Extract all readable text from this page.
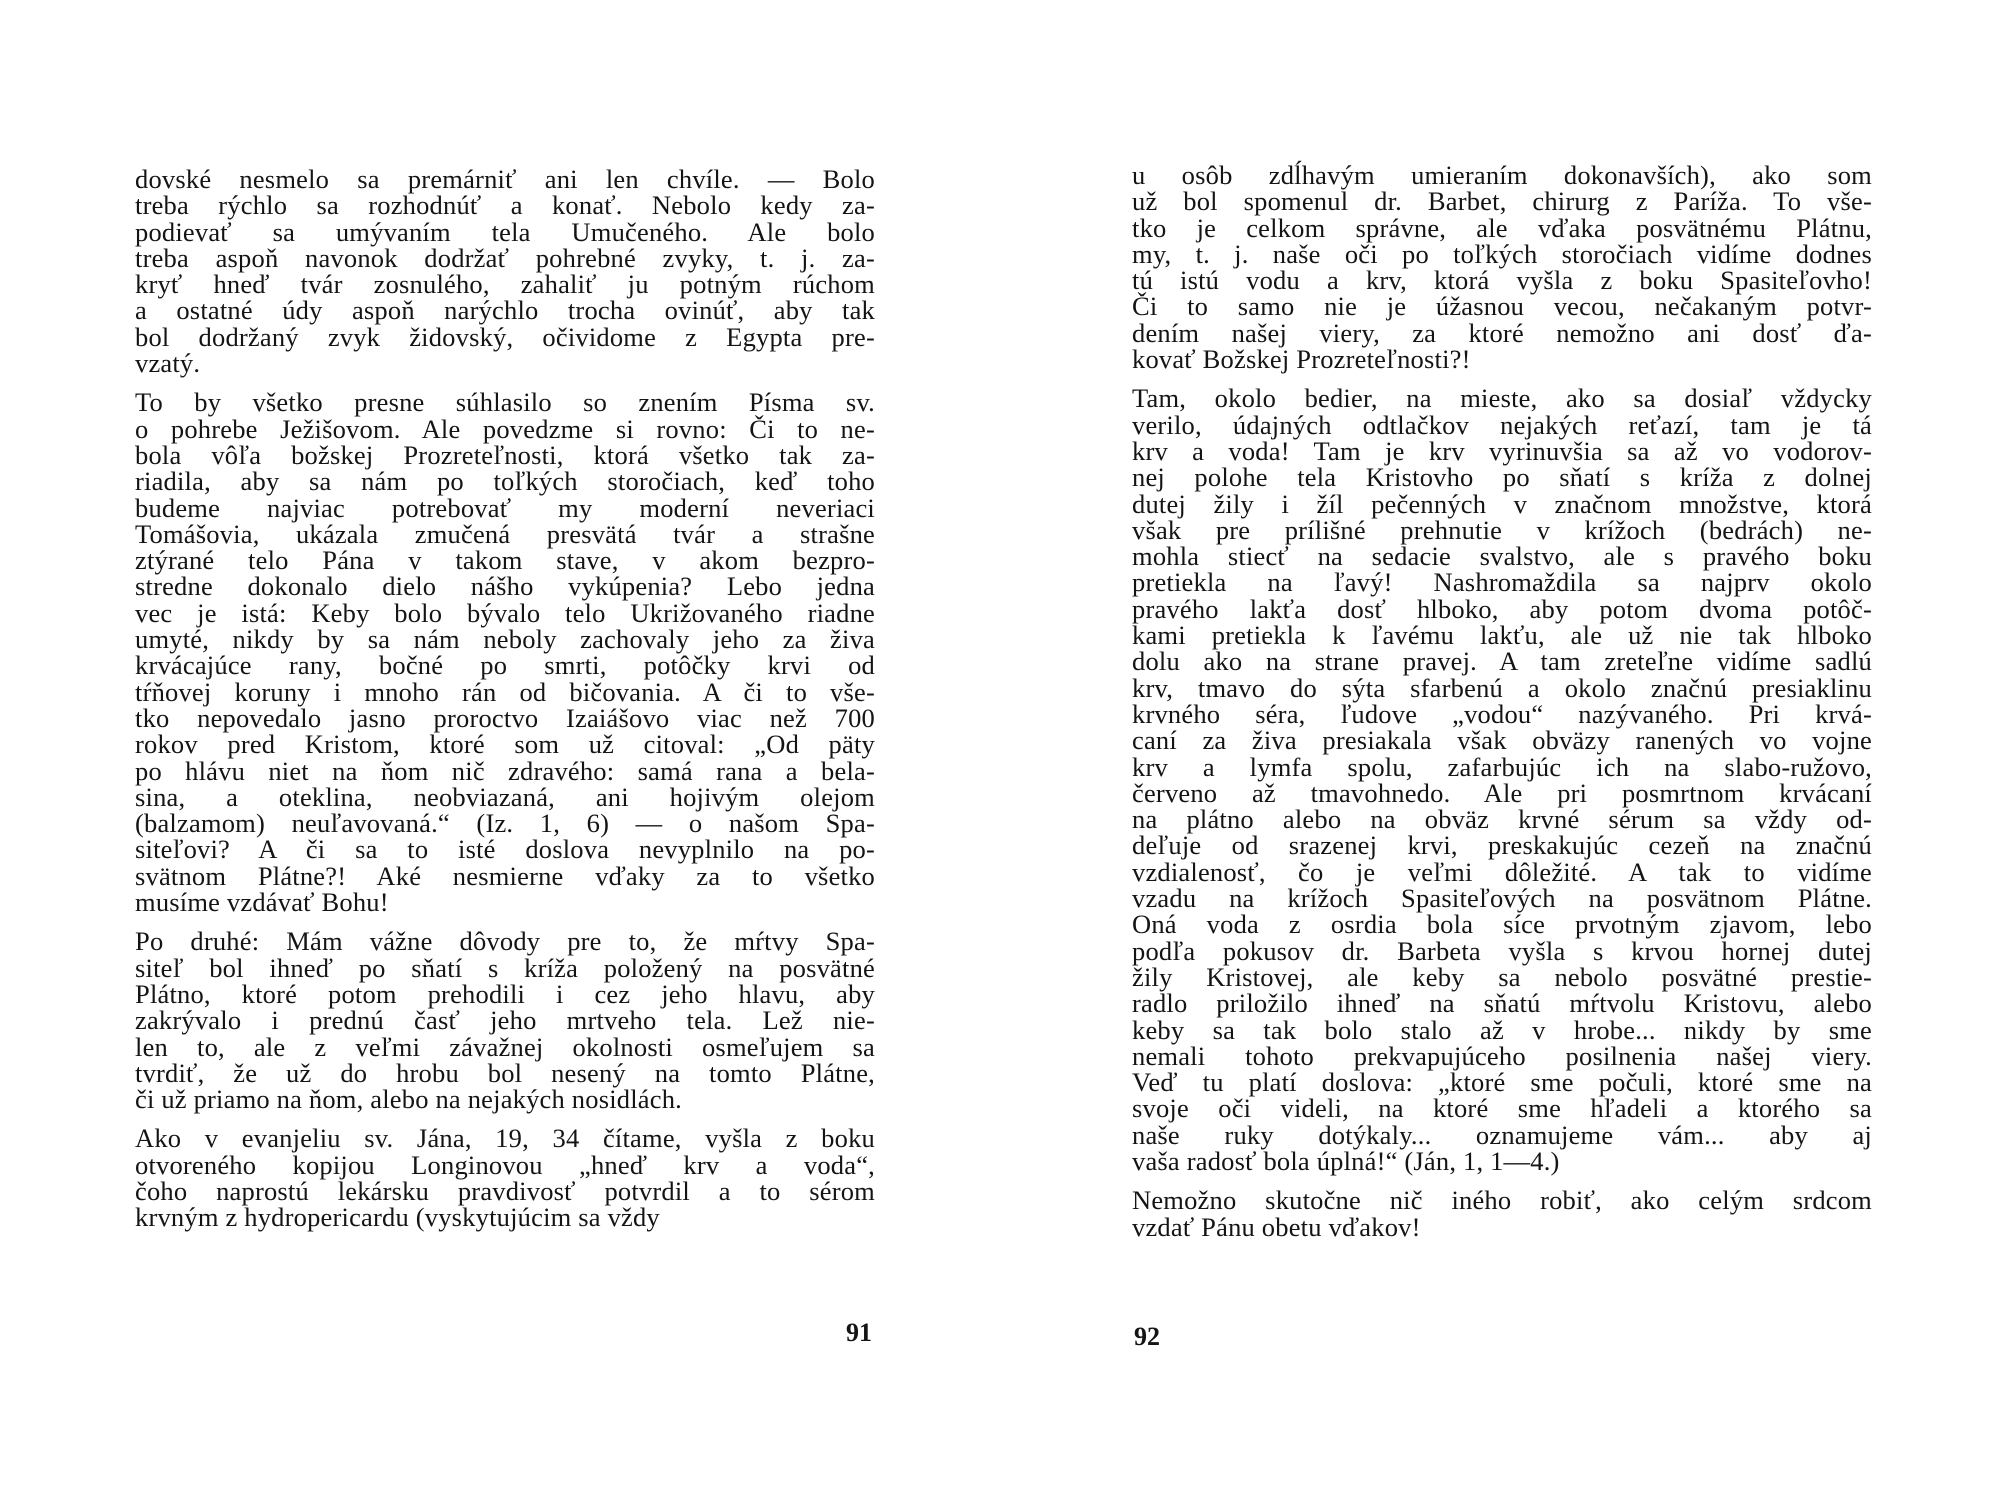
dovské nesmelo sa premárniť ani len chvíle. — Bolo
treba rýchlo sa rozhodnúť a konať. Nebolo kedy za-
podievať sa umývaním tela Umučeného. Ale bolo
treba aspoň navonok dodržať pohrebné zvyky, t. j. za-
kryť hneď tvár zosnulého, zahaliť ju potným rúchom
a ostatné údy aspoň narýchlo trocha ovinúť, aby tak
bol dodržaný zvyk židovský, očividome z Egypta pre-
vzatý.
To by všetko presne súhlasilo so znením Písma sv.
o pohrebe Ježišovom. Ale povedzme si rovno: Či to ne-
bola vôľa božskej Prozreteľnosti, ktorá všetko tak za-
riadila, aby sa nám po toľkých storočiach, keď toho
budeme najviac potrebovať my moderní neveriaci
Tomášovia, ukázala zmučená presvätá tvár a strašne
ztýrané telo Pána v takom stave, v akom bezpro-
stredne dokonalo dielo nášho vykúpenia? Lebo jedna
vec je istá: Keby bolo bývalo telo Ukrižovaného riadne
umyté, nikdy by sa nám neboly zachovaly jeho za živa
krvácajúce rany, bočné po smrti, potôčky krvi od
tŕňovej koruny i mnoho rán od bičovania. A či to vše-
tko nepovedalo jasno proroctvo Izaiášovo viac než 700
rokov pred Kristom, ktoré som už citoval: „Od päty
po hlávu niet na ňom nič zdravého: samá rana a bela-
sina, a oteklina, neobviazaná, ani hojivým olejom
(balzamom) neuľavovaná.“ (Iz. 1, 6) — o našom Spa-
siteľovi? A či sa to isté doslova nevyplnilo na po-
svätnom Plátne?! Aké nesmierne vďaky za to všetko
musíme vzdávať Bohu!
Po druhé: Mám vážne dôvody pre to, že mŕtvy Spa-
siteľ bol ihneď po sňatí s kríža položený na posvätné
Plátno, ktoré potom prehodili i cez jeho hlavu, aby
zakrývalo i prednú časť jeho mrtveho tela. Lež nie-
len to, ale z veľmi závažnej okolnosti osmeľujem sa
tvrdiť, že už do hrobu bol nesený na tomto Plátne,
či už priamo na ňom, alebo na nejakých nosidlách.
Ako v evanjeliu sv. Jána, 19, 34 čítame, vyšla z boku
otvoreného kopijou Longinovou „hneď krv a voda“,
čoho naprostú lekársku pravdivosť potvrdil a to sérom
krvným z hydropericardu (vyskytujúcim sa vždy
91
u osôb zdĺhavým umieraním dokonavších), ako som
už bol spomenul dr. Barbet, chirurg z Paríža. To vše-
tko je celkom správne, ale vďaka posvätnému Plátnu,
my, t. j. naše oči po toľkých storočiach vidíme dodnes
tú istú vodu a krv, ktorá vyšla z boku Spasiteľovho!
Či to samo nie je úžasnou vecou, nečakaným potvr-
dením našej viery, za ktoré nemožno ani dosť ďa-
kovať Božskej Prozreteľnosti?!
Tam, okolo bedier, na mieste, ako sa dosiaľ vždycky
verilo, údajných odtlačkov nejakých reťazí, tam je tá
krv a voda! Tam je krv vyrinuvšia sa až vo vodorov-
nej polohe tela Kristovho po sňatí s kríža z dolnej
dutej žily i žíl pečenných v značnom množstve, ktorá
však pre prílišné prehnutie v krížoch (bedrách) ne-
mohla stiecť na sedacie svalstvo, ale s pravého boku
pretiekla na ľavý! Nashromaždila sa najprv okolo
pravého lakťa dosť hlboko, aby potom dvoma potôč-
kami pretiekla k ľavému lakťu, ale už nie tak hlboko
dolu ako na strane pravej. A tam zreteľne vidíme sadlú
krv, tmavo do sýta sfarbenú a okolo značnú presiaklinu
krvného séra, ľudove „vodou“ nazývaného. Pri krvá-
caní za živa presiakala však obväzy ranených vo vojne
krv a lymfa spolu, zafarbujúc ich na slabo-ružovo,
červeno až tmavohnedo. Ale pri posmrtnom krvácaní
na plátno alebo na obväz krvné sérum sa vždy od-
deľuje od srazenej krvi, preskakujúc cezeň na značnú
vzdialenosť, čo je veľmi dôležité. A tak to vidíme
vzadu na krížoch Spasiteľových na posvätnom Plátne.
Oná voda z osrdia bola síce prvotným zjavom, lebo
podľa pokusov dr. Barbeta vyšla s krvou hornej dutej
žily Kristovej, ale keby sa nebolo posvätné prestie-
radlo priložilo ihneď na sňatú mŕtvolu Kristovu, alebo
keby sa tak bolo stalo až v hrobe... nikdy by sme
nemali tohoto prekvapujúceho posilnenia našej viery.
Veď tu platí doslova: „ktoré sme počuli, ktoré sme na
svoje oči videli, na ktoré sme hľadeli a ktorého sa
naše ruky dotýkaly... oznamujeme vám... aby aj
vaša radosť bola úplná!“ (Ján, 1, 1—4.)
Nemožno skutočne nič iného robiť, ako celým srdcom
vzdať Pánu obetu vďakov!
92
